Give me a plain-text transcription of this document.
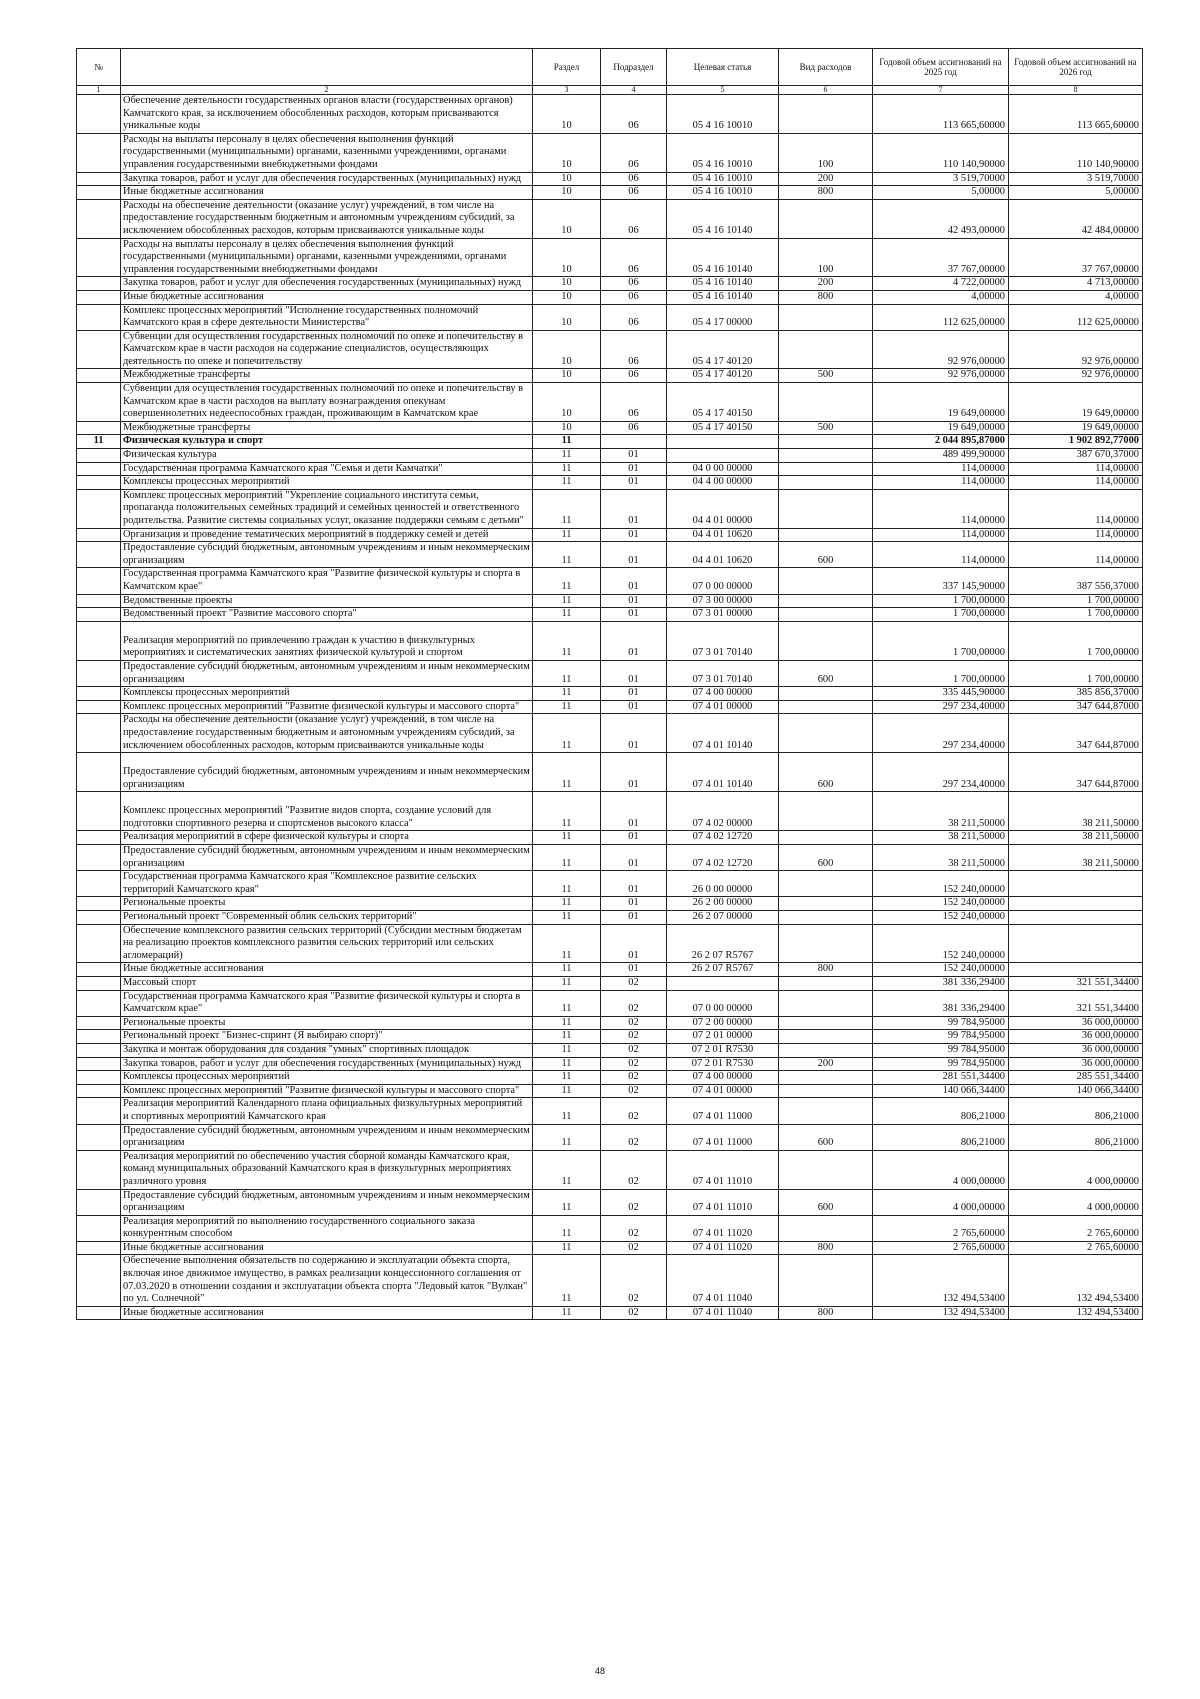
№		Раздел	Подраздел	Целевая статья	Вид расходов	Годовой объем ассигнований на 2025 год	Годовой объем ассигнований на 2026 год
1	2	3	4	5	6	7	8
	Обеспечение деятельности государственных органов власти (государственных органов) Камчатского края, за исключением обособленных расходов, которым присваиваются уникальные коды	10	06	05 4 16 10010		113 665,60000	113 665,60000
	Расходы на выплаты персоналу в целях обеспечения выполнения функций государственными (муниципальными) органами, казенными учреждениями, органами управления государственными внебюджетными фондами	10	06	05 4 16 10010	100	110 140,90000	110 140,90000
	Закупка товаров, работ и услуг для обеспечения государственных (муниципальных) нужд	10	06	05 4 16 10010	200	3 519,70000	3 519,70000
	Иные бюджетные ассигнования	10	06	05 4 16 10010	800	5,00000	5,00000
	Расходы на обеспечение деятельности (оказание услуг) учреждений, в том числе на предоставление государственным бюджетным и автономным учреждениям субсидий, за исключением обособленных расходов, которым присваиваются уникальные коды	10	06	05 4 16 10140		42 493,00000	42 484,00000
	Расходы на выплаты персоналу в целях обеспечения выполнения функций государственными (муниципальными) органами, казенными учреждениями, органами управления государственными внебюджетными фондами	10	06	05 4 16 10140	100	37 767,00000	37 767,00000
	Закупка товаров, работ и услуг для обеспечения государственных (муниципальных) нужд	10	06	05 4 16 10140	200	4 722,00000	4 713,00000
	Иные бюджетные ассигнования	10	06	05 4 16 10140	800	4,00000	4,00000
	Комплекс процессных мероприятий "Исполнение государственных полномочий Камчатского края в сфере деятельности Министерства"	10	06	05 4 17 00000		112 625,00000	112 625,00000
	Субвенции для осуществления государственных полномочий по опеке и попечительству в Камчатском крае в части расходов на содержание специалистов, осуществляющих деятельность по опеке и попечительству	10	06	05 4 17 40120		92 976,00000	92 976,00000
	Межбюджетные трансферты	10	06	05 4 17 40120	500	92 976,00000	92 976,00000
	Субвенции для осуществления государственных полномочий по опеке и попечительству в Камчатском крае в части расходов на выплату вознаграждения опекунам совершеннолетних недееспособных граждан, проживающим в Камчатском крае	10	06	05 4 17 40150		19 649,00000	19 649,00000
	Межбюджетные трансферты	10	06	05 4 17 40150	500	19 649,00000	19 649,00000
11	Физическая культура и спорт	11				2 044 895,87000	1 902 892,77000
	Физическая культура	11	01			489 499,90000	387 670,37000
	Государственная программа Камчатского края "Семья и дети Камчатки"	11	01	04 0 00 00000		114,00000	114,00000
	Комплексы процессных мероприятий	11	01	04 4 00 00000		114,00000	114,00000
	Комплекс процессных мероприятий "Укрепление социального института семьи, пропаганда положительных семейных традиций и семейных ценностей и ответственного родительства. Развитие системы социальных услуг, оказание поддержки семьям с детьми"	11	01	04 4 01 00000		114,00000	114,00000
	Организация и проведение тематических мероприятий в поддержку семей и детей	11	01	04 4 01 10620		114,00000	114,00000
	Предоставление субсидий бюджетным, автономным учреждениям и иным некоммерческим организациям	11	01	04 4 01 10620	600	114,00000	114,00000
	Государственная программа Камчатского края "Развитие физической культуры и спорта в Камчатском крае"	11	01	07 0 00 00000		337 145,90000	387 556,37000
	Ведомственные проекты	11	01	07 3 00 00000		1 700,00000	1 700,00000
	Ведомственный проект "Развитие массового спорта"	11	01	07 3 01 00000		1 700,00000	1 700,00000
	Реализация мероприятий по привлечению граждан к участию в физкультурных мероприятиях и систематических занятиях физической культурой и спортом	11	01	07 3 01 70140		1 700,00000	1 700,00000
	Предоставление субсидий бюджетным, автономным учреждениям и иным некоммерческим организациям	11	01	07 3 01 70140	600	1 700,00000	1 700,00000
	Комплексы процессных мероприятий	11	01	07 4 00 00000		335 445,90000	385 856,37000
	Комплекс процессных мероприятий "Развитие физической культуры и массового спорта"	11	01	07 4 01 00000		297 234,40000	347 644,87000
	Расходы на обеспечение деятельности (оказание услуг) учреждений, в том числе на предоставление государственным бюджетным и автономным учреждениям субсидий, за исключением обособленных расходов, которым присваиваются уникальные коды	11	01	07 4 01 10140		297 234,40000	347 644,87000
	Предоставление субсидий бюджетным, автономным учреждениям и иным некоммерческим организациям	11	01	07 4 01 10140	600	297 234,40000	347 644,87000
	Комплекс процессных мероприятий "Развитие видов спорта, создание условий для подготовки спортивного резерва и спортсменов высокого класса"	11	01	07 4 02 00000		38 211,50000	38 211,50000
	Реализация мероприятий в сфере физической культуры и спорта	11	01	07 4 02 12720		38 211,50000	38 211,50000
	Предоставление субсидий бюджетным, автономным учреждениям и иным некоммерческим организациям	11	01	07 4 02 12720	600	38 211,50000	38 211,50000
	Государственная программа Камчатского края "Комплексное развитие сельских территорий Камчатского края"	11	01	26 0 00 00000		152 240,00000	
	Региональные проекты	11	01	26 2 00 00000		152 240,00000	
	Региональный проект "Современный облик сельских территорий"	11	01	26 2 07 00000		152 240,00000	
	Обеспечение комплексного развития сельских территорий (Субсидии местным бюджетам на реализацию проектов комплексного развития сельских территорий или сельских агломераций)	11	01	26 2 07 R5767		152 240,00000	
	Иные бюджетные ассигнования	11	01	26 2 07 R5767	800	152 240,00000	
	Массовый спорт	11	02			381 336,29400	321 551,34400
	Государственная программа Камчатского края "Развитие физической культуры и спорта в Камчатском крае"	11	02	07 0 00 00000		381 336,29400	321 551,34400
	Региональные проекты	11	02	07 2 00 00000		99 784,95000	36 000,00000
	Региональный проект "Бизнес-спринт (Я выбираю спорт)"	11	02	07 2 01 00000		99 784,95000	36 000,00000
	Закупка и монтаж оборудования для создания "умных" спортивных площадок	11	02	07 2 01 R7530		99 784,95000	36 000,00000
	Закупка товаров, работ и услуг для обеспечения государственных (муниципальных) нужд	11	02	07 2 01 R7530	200	99 784,95000	36 000,00000
	Комплексы процессных мероприятий	11	02	07 4 00 00000		281 551,34400	285 551,34400
	Комплекс процессных мероприятий "Развитие физической культуры и массового спорта"	11	02	07 4 01 00000		140 066,34400	140 066,34400
	Реализация мероприятий Календарного плана официальных физкультурных мероприятий и спортивных мероприятий Камчатского края	11	02	07 4 01 11000		806,21000	806,21000
	Предоставление субсидий бюджетным, автономным учреждениям и иным некоммерческим организациям	11	02	07 4 01 11000	600	806,21000	806,21000
	Реализация мероприятий по обеспечению участия сборной команды Камчатского края, команд муниципальных образований Камчатского края в физкультурных мероприятиях различного уровня	11	02	07 4 01 11010		4 000,00000	4 000,00000
	Предоставление субсидий бюджетным, автономным учреждениям и иным некоммерческим организациям	11	02	07 4 01 11010	600	4 000,00000	4 000,00000
	Реализация мероприятий по выполнению государственного социального заказа конкурентным способом	11	02	07 4 01 11020		2 765,60000	2 765,60000
	Иные бюджетные ассигнования	11	02	07 4 01 11020	800	2 765,60000	2 765,60000
	Обеспечение выполнения обязательств по содержанию и эксплуатации объекта спорта, включая иное движимое имущество, в рамках реализации концессионного соглашения от 07.03.2020 в отношении создания и эксплуатации объекта спорта "Ледовый каток "Вулкан" по ул. Солнечной"	11	02	07 4 01 11040		132 494,53400	132 494,53400
	Иные бюджетные ассигнования	11	02	07 4 01 11040	800	132 494,53400	132 494,53400
48
